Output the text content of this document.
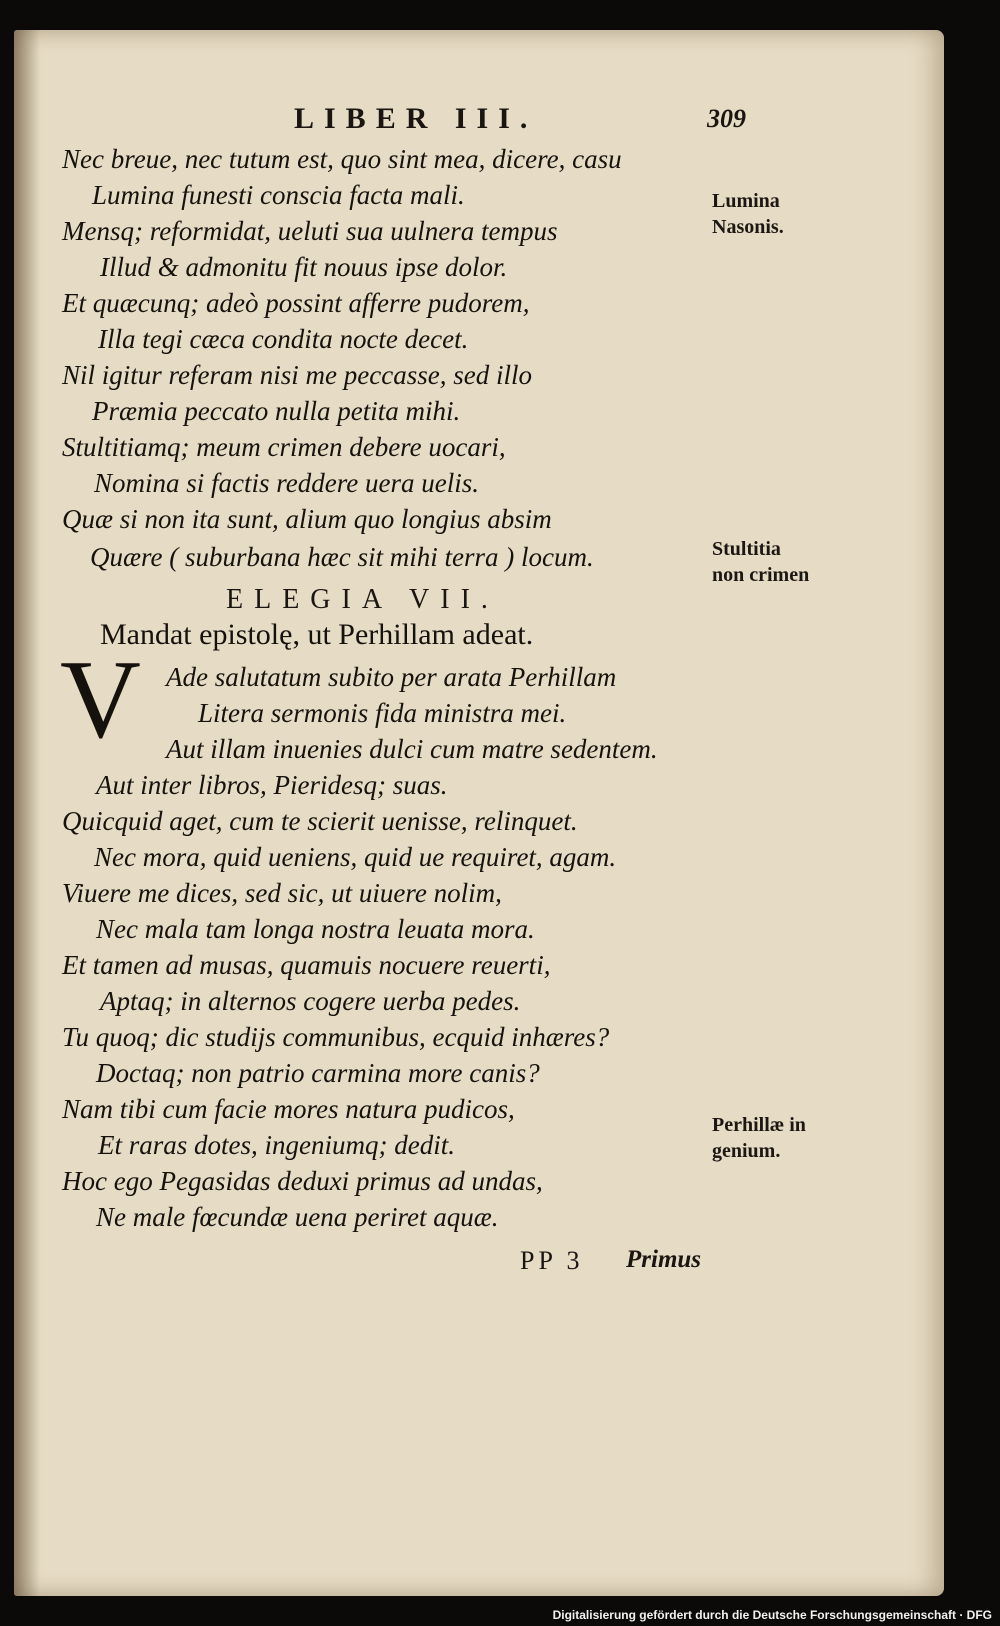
LIBER III.	309
Nec breue, nec tutum est, quo sint mea, dicere, casu
Lumina funesti conscia facta mali.
Mensq; reformidat, ueluti sua uulnera tempus
Illud & admonitu fit nouus ipse dolor.
Et quæcunq; adeò possint afferre pudorem,
Illa tegi cæca condita nocte decet.
Nil igitur referam nisi me peccasse, sed illo
Præmia peccato nulla petita mihi.
Stultitiamq; meum crimen debere uocari,
Nomina si factis reddere uera uelis.
Quæ si non ita sunt, alium quo longius absim
Quære ( suburbana hæc sit mihi terra ) locum.
ELEGIA VII.
Mandat epistolę, ut Perhillam adeat.
V Ade salutatum subito per arata Perhillam
Litera sermonis fida ministra mei.
Aut illam inuenies dulci cum matre sedentem.
Aut inter libros, Pieridesq; suas.
Quicquid aget, cum te scierit uenisse, relinquet.
Nec mora, quid ueniens, quid ue requiret, agam.
Viuere me dices, sed sic, ut uiuere nolim,
Nec mala tam longa nostra leuata mora.
Et tamen ad musas, quamuis nocuere reuerti,
Aptaq; in alternos cogere uerba pedes.
Tu quoq; dic studijs communibus, ecquid inhæres?
Doctaq; non patrio carmina more canis?
Nam tibi cum facie mores natura pudicos,
Et raras dotes, ingeniumq; dedit.
Hoc ego Pegasidas deduxi primus ad undas,
Ne male fœcundæ uena periret aquæ.
Lumina
Nasonis.
Stultitia
non crimen
Perhillæ in
genium.
PP 3 Primus
Digitalisierung gefördert durch die Deutsche Forschungsgemeinschaft · DFG
